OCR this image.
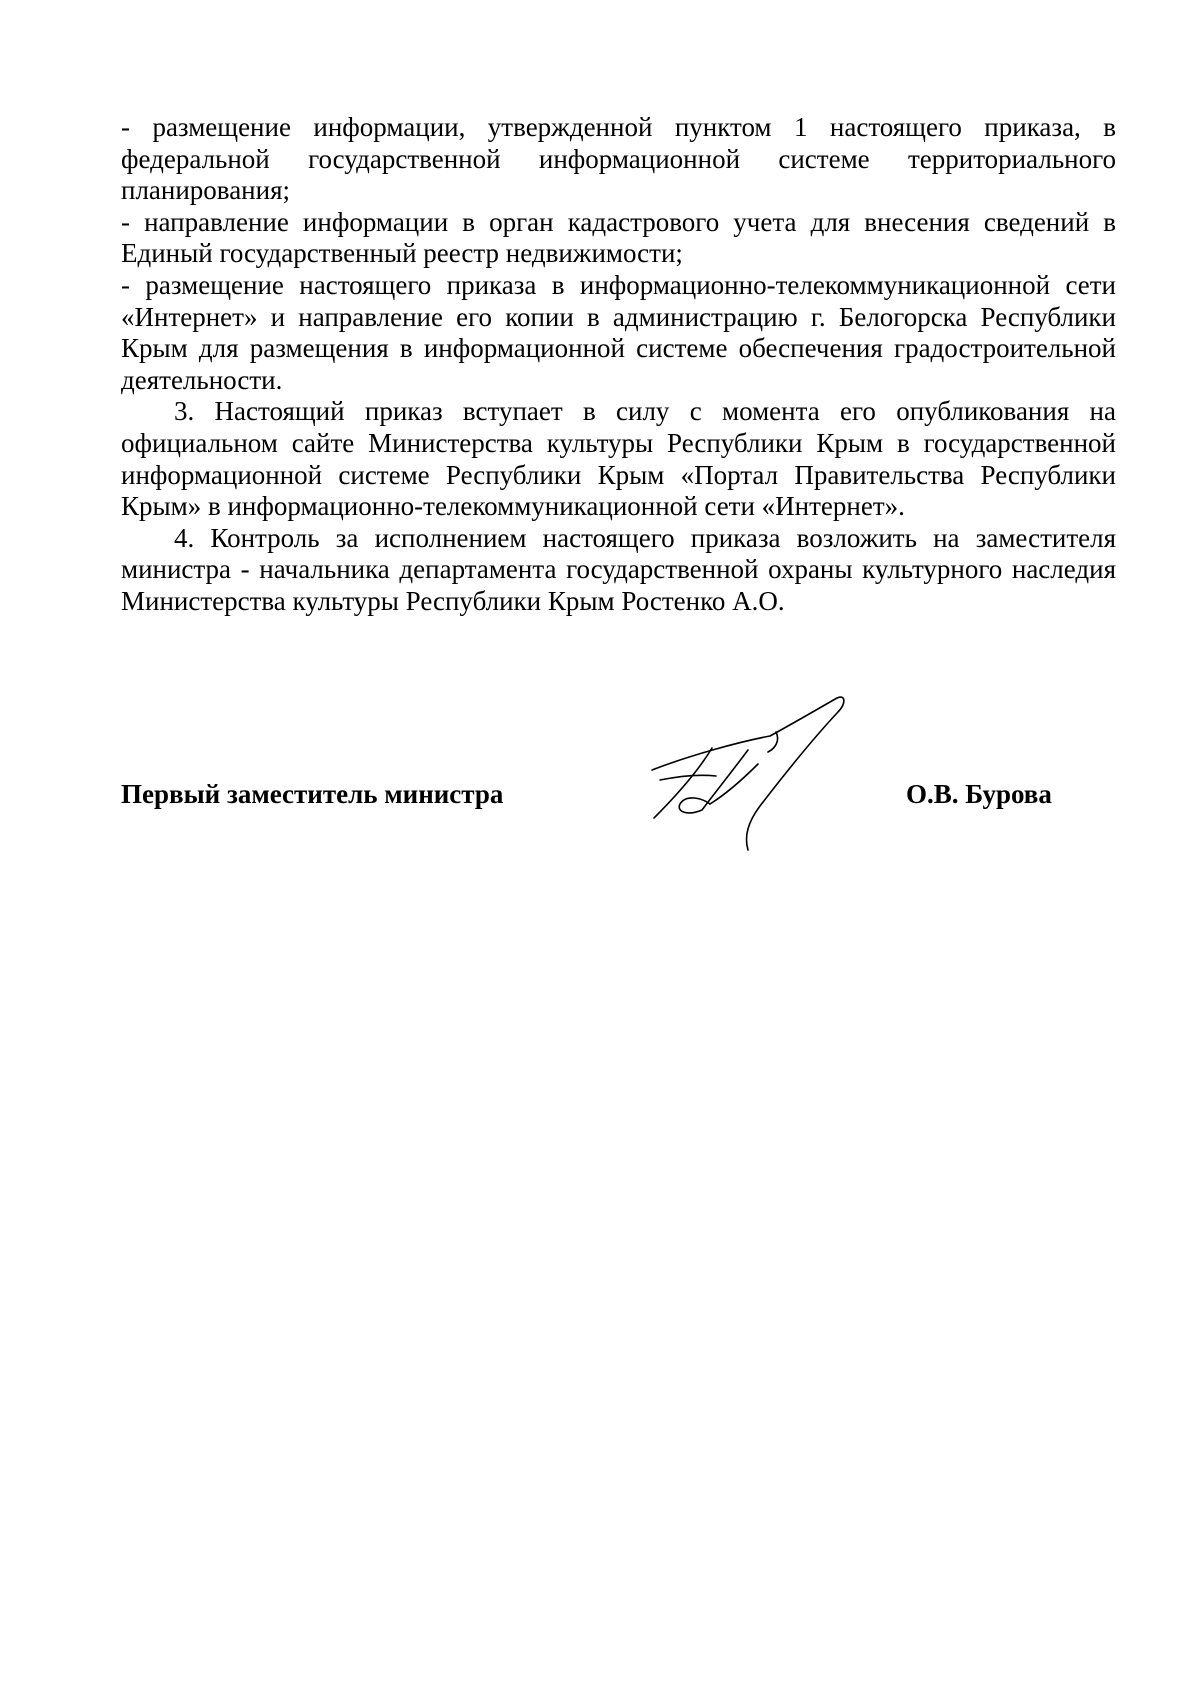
- размещение информации, утвержденной пунктом 1 настоящего приказа, в федеральной государственной информационной системе территориального планирования;

- направление информации в орган кадастрового учета для внесения сведений в Единый государственный реестр недвижимости;

- размещение настоящего приказа в информационно-телекоммуникационной сети «Интернет» и направление его копии в администрацию г. Белогорска Республики Крым для размещения в информационной системе обеспечения градостроительной деятельности.

3. Настоящий приказ вступает в силу с момента его опубликования на официальном сайте Министерства культуры Республики Крым в государственной информационной системе Республики Крым «Портал Правительства Республики Крым» в информационно-телекоммуникационной сети «Интернет».

4. Контроль за исполнением настоящего приказа возложить на заместителя министра - начальника департамента государственной охраны культурного наследия Министерства культуры Республики Крым Ростенко А.О.

Первый заместитель министра	О.В. Бурова
